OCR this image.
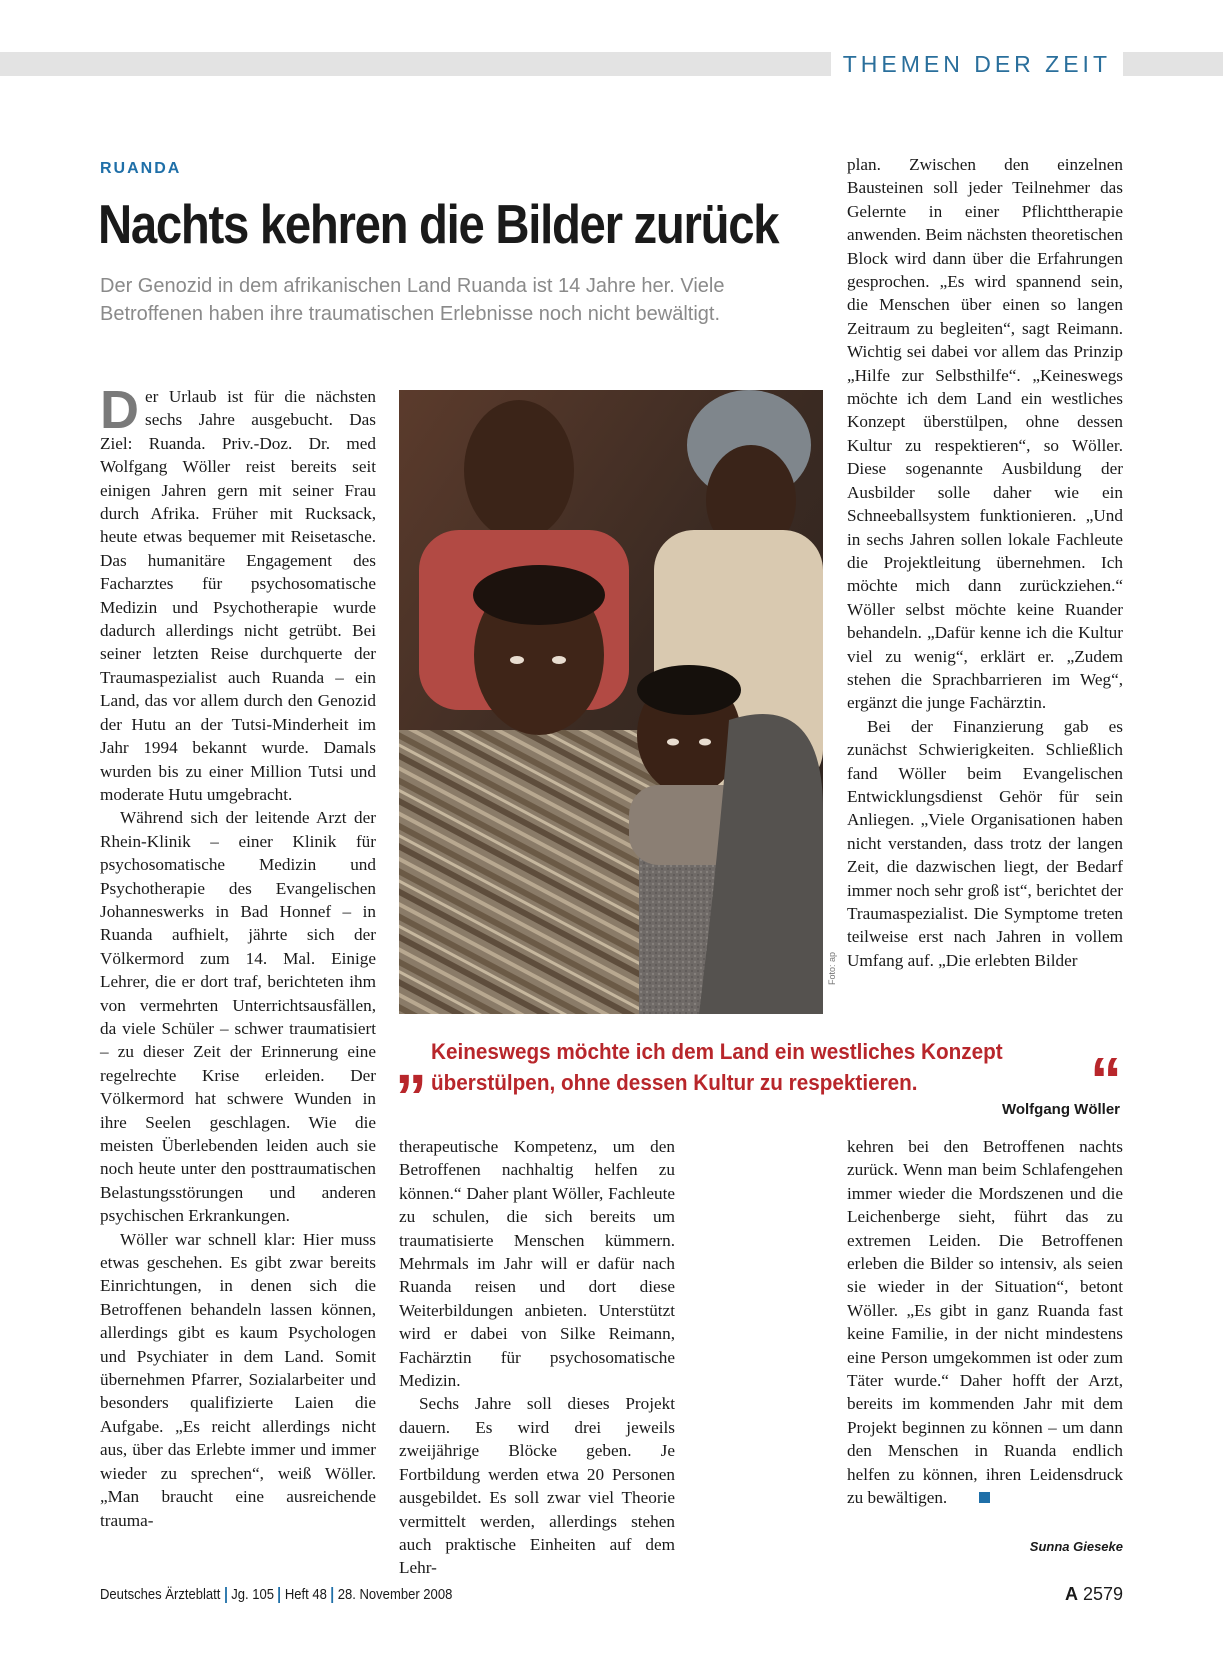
THEMEN DER ZEIT
RUANDA
Nachts kehren die Bilder zurück
Der Genozid in dem afrikanischen Land Ruanda ist 14 Jahre her. Viele Betroffenen haben ihre traumatischen Erlebnisse noch nicht bewältigt.

Der Urlaub ist für die nächsten sechs Jahre ausgebucht. Das Ziel: Ruanda. Priv.-Doz. Dr. med Wolfgang Wöller reist bereits seit einigen Jahren gern mit seiner Frau durch Afrika. Früher mit Rucksack, heute etwas bequemer mit Reisetasche. Das humanitäre Engagement des Facharztes für psychosomatische Medizin und Psychotherapie wurde dadurch allerdings nicht getrübt. Bei seiner letzten Reise durchquerte der Traumaspezialist auch Ruanda – ein Land, das vor allem durch den Genozid der Hutu an der Tutsi-Minderheit im Jahr 1994 bekannt wurde. Damals wurden bis zu einer Million Tutsi und moderate Hutu umgebracht.

Während sich der leitende Arzt der Rhein-Klinik – einer Klinik für psychosomatische Medizin und Psychotherapie des Evangelischen Johanneswerks in Bad Honnef – in Ruanda aufhielt, jährte sich der Völkermord zum 14. Mal. Einige Lehrer, die er dort traf, berichteten ihm von vermehrten Unterrichtsausfällen, da viele Schüler – schwer traumatisiert – zu dieser Zeit der Erinnerung eine regelrechte Krise erleiden. Der Völkermord hat schwere Wunden in ihre Seelen geschlagen. Wie die meisten Überlebenden leiden auch sie noch heute unter den posttraumatischen Belastungsstörungen und anderen psychischen Erkrankungen.

Wöller war schnell klar: Hier muss etwas geschehen. Es gibt zwar bereits Einrichtungen, in denen sich die Betroffenen behandeln lassen können, allerdings gibt es kaum Psychologen und Psychiater in dem Land. Somit übernehmen Pfarrer, Sozialarbeiter und besonders qualifizierte Laien die Aufgabe. „Es reicht allerdings nicht aus, über das Erlebte immer und immer wieder zu sprechen“, weiß Wöller. „Man braucht eine ausreichende trauma-

Foto: ap
„ Keineswegs möchte ich dem Land ein westliches Konzept überstülpen, ohne dessen Kultur zu respektieren.	“
Wolfgang Wöller

therapeutische Kompetenz, um den Betroffenen nachhaltig helfen zu können.“ Daher plant Wöller, Fachleute zu schulen, die sich bereits um traumatisierte Menschen kümmern. Mehrmals im Jahr will er dafür nach Ruanda reisen und dort diese Weiterbildungen anbieten. Unterstützt wird er dabei von Silke Reimann, Fachärztin für psychosomatische Medizin.

Sechs Jahre soll dieses Projekt dauern. Es wird drei jeweils zweijährige Blöcke geben. Je Fortbildung werden etwa 20 Personen ausgebildet. Es soll zwar viel Theorie vermittelt werden, allerdings stehen auch praktische Einheiten auf dem Lehr-

plan. Zwischen den einzelnen Bausteinen soll jeder Teilnehmer das Gelernte in einer Pflichttherapie anwenden. Beim nächsten theoretischen Block wird dann über die Erfahrungen gesprochen. „Es wird spannend sein, die Menschen über einen so langen Zeitraum zu begleiten“, sagt Reimann. Wichtig sei dabei vor allem das Prinzip „Hilfe zur Selbsthilfe“. „Keineswegs möchte ich dem Land ein westliches Konzept überstülpen, ohne dessen Kultur zu respektieren“, so Wöller. Diese sogenannte Ausbildung der Ausbilder solle daher wie ein Schneeballsystem funktionieren. „Und in sechs Jahren sollen lokale Fachleute die Projektleitung übernehmen. Ich möchte mich dann zurückziehen.“ Wöller selbst möchte keine Ruander behandeln. „Dafür kenne ich die Kultur viel zu wenig“, erklärt er. „Zudem stehen die Sprachbarrieren im Weg“, ergänzt die junge Fachärztin.

Bei der Finanzierung gab es zunächst Schwierigkeiten. Schließlich fand Wöller beim Evangelischen Entwicklungsdienst Gehör für sein Anliegen. „Viele Organisationen haben nicht verstanden, dass trotz der langen Zeit, die dazwischen liegt, der Bedarf immer noch sehr groß ist“, berichtet der Traumaspezialist. Die Symptome treten teilweise erst nach Jahren in vollem Umfang auf. „Die erlebten Bilder

kehren bei den Betroffenen nachts zurück. Wenn man beim Schlafengehen immer wieder die Mordszenen und die Leichenberge sieht, führt das zu extremen Leiden. Die Betroffenen erleben die Bilder so intensiv, als seien sie wieder in der Situation“, betont Wöller. „Es gibt in ganz Ruanda fast keine Familie, in der nicht mindestens eine Person umgekommen ist oder zum Täter wurde.“ Daher hofft der Arzt, bereits im kommenden Jahr mit dem Projekt beginnen zu können – um dann den Menschen in Ruanda endlich helfen zu können, ihren Leidensdruck zu bewältigen.

Sunna Gieseke
Deutsches Ärzteblatt Jg. 105 Heft 48 28. November 2008	A 2579
